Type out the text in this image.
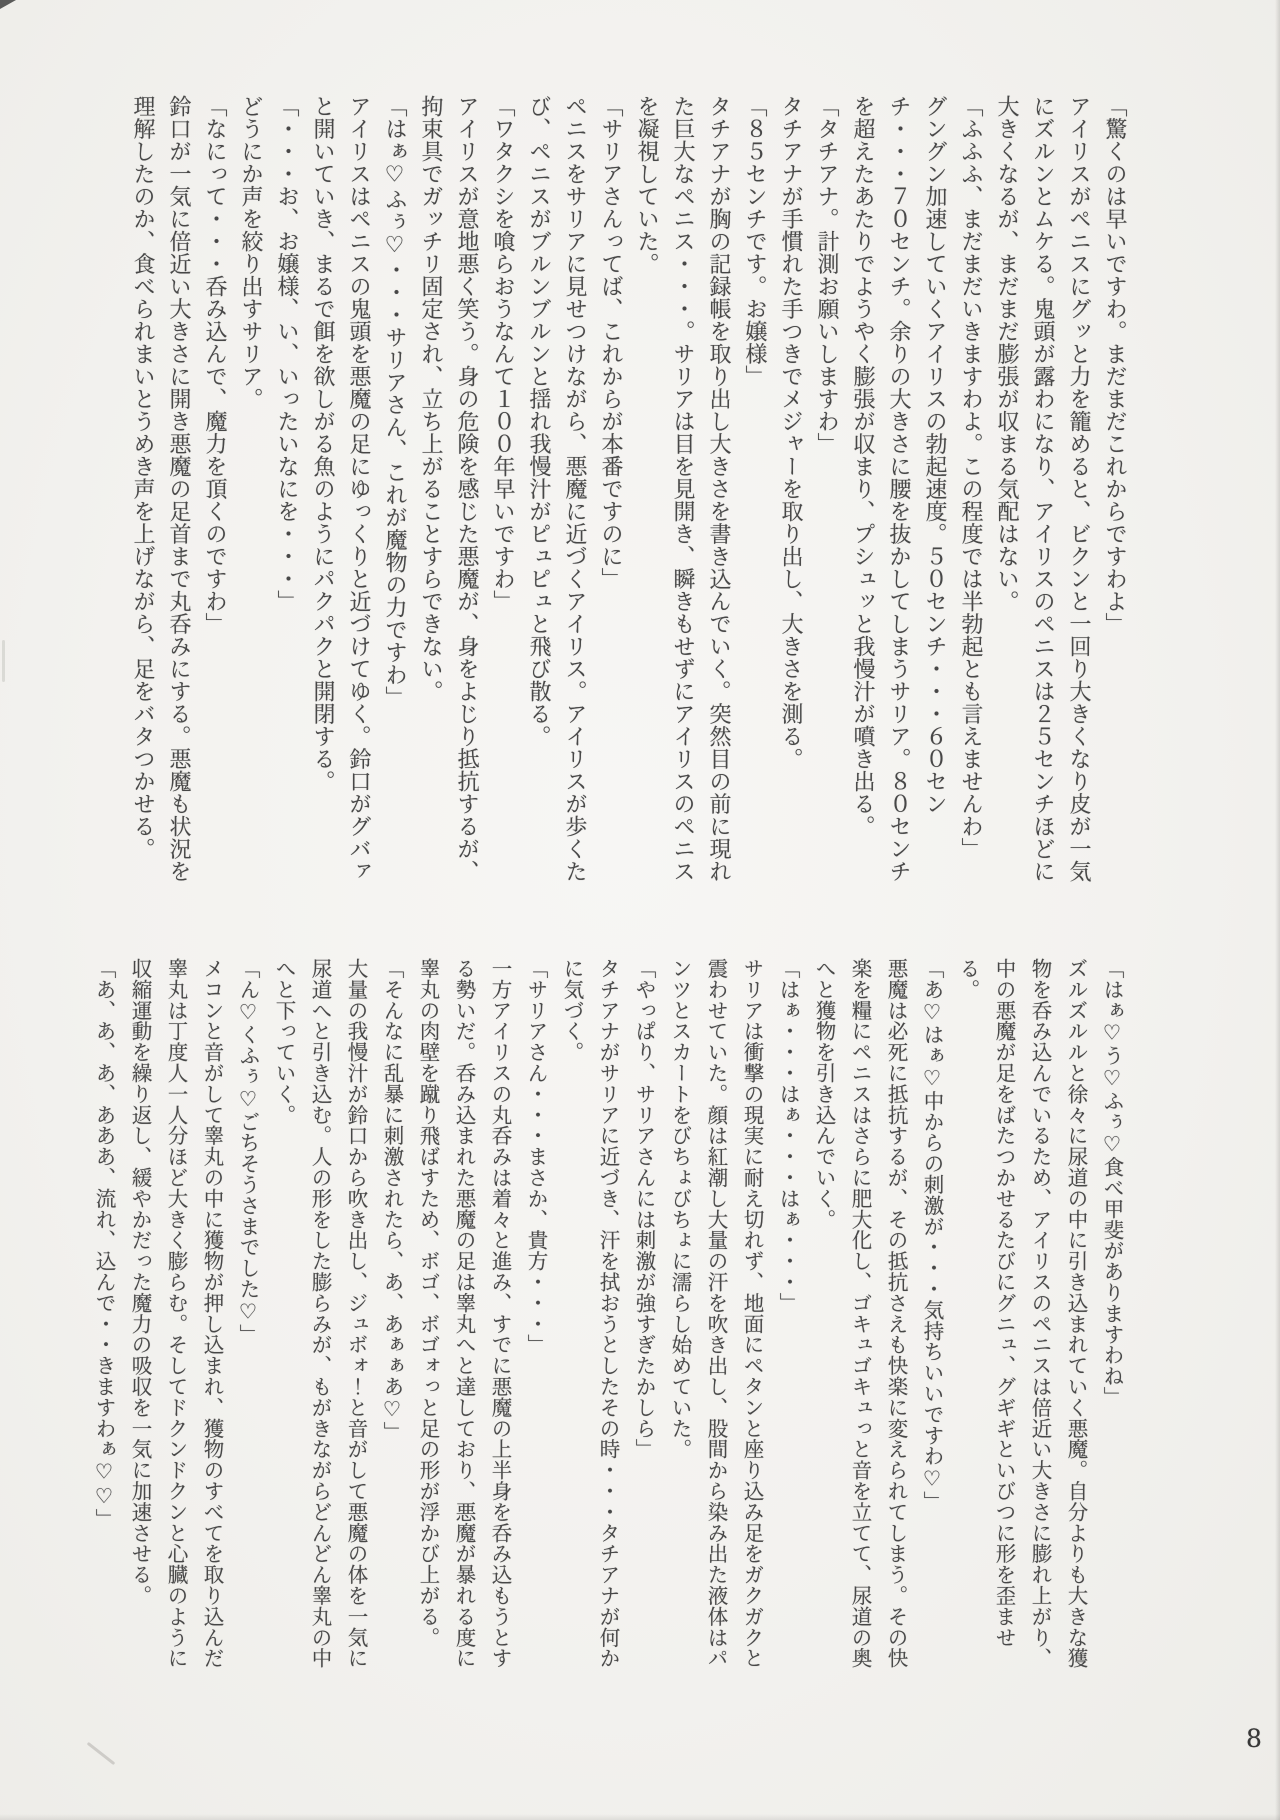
「驚くのは早いですわ。まだまだこれからですわよ」

アイリスがペニスにグッと力を籠めると、ビクンと一回り大きくなり皮が一気にズルンとムケる。鬼頭が露わになり、アイリスのペニスは２５センチほどに大きくなるが、まだまだ膨張が収まる気配はない。

「ふふふ、まだまだいきますわよ。この程度では半勃起とも言えませんわ」

グングン加速していくアイリスの勃起速度。５０センチ・・・６０センチ・・・７０センチ。余りの大きさに腰を抜かしてしまうサリア。８０センチを超えたあたりでようやく膨張が収まり、プシュッと我慢汁が噴き出る。

「タチアナ。計測お願いしますわ」

タチアナが手慣れた手つきでメジャーを取り出し、大きさを測る。

「８５センチです。お嬢様」

タチアナが胸の記録帳を取り出し大きさを書き込んでいく。突然目の前に現れた巨大なペニス・・・。サリアは目を見開き、瞬きもせずにアイリスのペニスを凝視していた。

「サリアさんってば、これからが本番ですのに」

ペニスをサリアに見せつけながら、悪魔に近づくアイリス。アイリスが歩くたび、ペニスがブルンブルンと揺れ我慢汁がピュピュと飛び散る。

「ワタクシを喰らおうなんて１００年早いですわ」

アイリスが意地悪く笑う。身の危険を感じた悪魔が、身をよじり抵抗するが、拘束具でガッチリ固定され、立ち上がることすらできない。

「はぁ♡ふぅ♡・・・サリアさん、これが魔物の力ですわ」

アイリスはペニスの鬼頭を悪魔の足にゆっくりと近づけてゆく。鈴口がグバァと開いていき、まるで餌を欲しがる魚のようにパクパクと開閉する。

「・・・お、お嬢様、い、いったいなにを・・・」

どうにか声を絞り出すサリア。

「なにって・・・呑み込んで、魔力を頂くのですわ」

鈴口が一気に倍近い大きさに開き悪魔の足首まで丸呑みにする。悪魔も状況を理解したのか、食べられまいとうめき声を上げながら、足をバタつかせる。

「はぁ♡う♡ふぅ♡食べ甲斐がありますわね」

ズルズルルと徐々に尿道の中に引き込まれていく悪魔。自分よりも大きな獲物を呑み込んでいるため、アイリスのペニスは倍近い大きさに膨れ上がり、中の悪魔が足をばたつかせるたびにグニュ、グギギといびつに形を歪ませる。

「あ♡はぁ♡中からの刺激が・・・気持ちいいですわ♡」

悪魔は必死に抵抗するが、その抵抗さえも快楽に変えられてしまう。その快楽を糧にペニスはさらに肥大化し、ゴキュゴキュっと音を立てて、尿道の奥へと獲物を引き込んでいく。

「はぁ・・・はぁ・・・はぁ・・・」

サリアは衝撃の現実に耐え切れず、地面にペタンと座り込み足をガクガクと震わせていた。顔は紅潮し大量の汗を吹き出し、股間から染み出た液体はパンツとスカートをびちょびちょに濡らし始めていた。

「やっぱり、サリアさんには刺激が強すぎたかしら」

タチアナがサリアに近づき、汗を拭おうとしたその時・・・タチアナが何かに気づく。

「サリアさん・・・まさか、貴方・・・」

一方アイリスの丸呑みは着々と進み、すでに悪魔の上半身を呑み込もうとする勢いだ。呑み込まれた悪魔の足は睾丸へと達しており、悪魔が暴れる度に睾丸の肉壁を蹴り飛ばすため、ボゴ、ボゴォっと足の形が浮かび上がる。

「そんなに乱暴に刺激されたら、あ、あぁぁあ♡」

大量の我慢汁が鈴口から吹き出し、ジュボォ！と音がして悪魔の体を一気に尿道へと引き込む。人の形をした膨らみが、もがきながらどんどん睾丸の中へと下っていく。

「ん♡くふぅ♡ごちそうさまでした♡」

メコンと音がして睾丸の中に獲物が押し込まれ、獲物のすべてを取り込んだ睾丸は丁度人一人分ほど大きく膨らむ。そしてドクンドクンと心臓のように収縮運動を繰り返し、緩やかだった魔力の吸収を一気に加速させる。

「あ、あ、あ、あああ、流れ、込んで・・きますわぁ♡♡」

8
